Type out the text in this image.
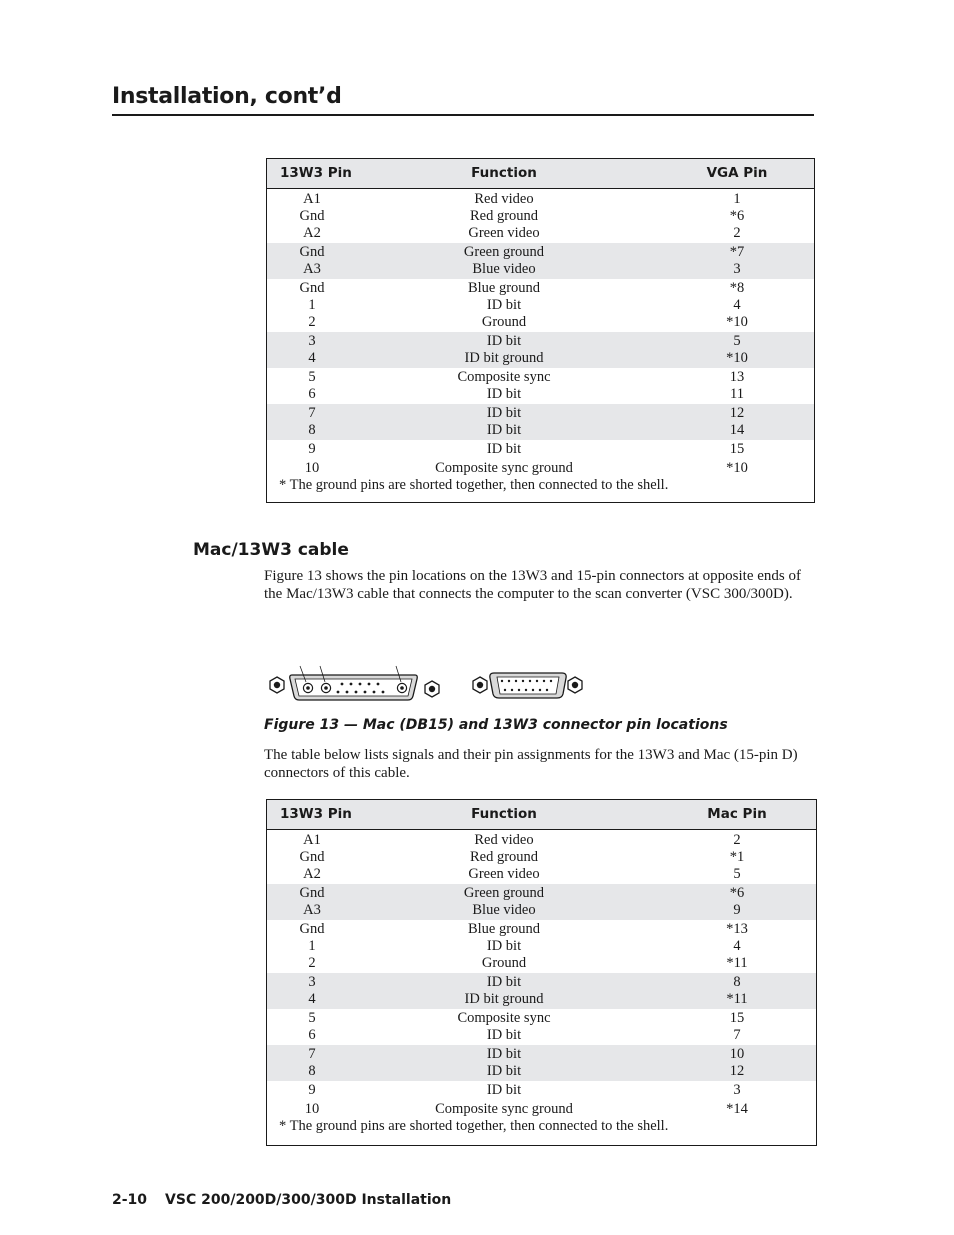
Installation, cont’d
13W3 Pin	Function	VGA Pin
A1	Red video	1
Gnd	Red ground	*6
A2	Green video	2
Gnd	Green ground	*7
A3	Blue video	3
Gnd	Blue ground	*8
1	ID bit	4
2	Ground	*10
3	ID bit	5
4	ID bit ground	*10
5	Composite sync	13
6	ID bit	11
7	ID bit	12
8	ID bit	14
9	ID bit	15
10	Composite sync ground	*10
* The ground pins are shorted together, then connected to the shell.
Mac/13W3 cable

Figure 13 shows the pin locations on the 13W3 and 15-pin connectors at opposite ends of the Mac/13W3 cable that connects the computer to the scan converter (VSC 300/300D).

Figure 13 — Mac (DB15) and 13W3 connector pin locations

The table below lists signals and their pin assignments for the 13W3 and Mac (15-pin D) connectors of this cable.

13W3 Pin	Function	Mac Pin
A1	Red video	2
Gnd	Red ground	*1
A2	Green video	5
Gnd	Green ground	*6
A3	Blue video	9
Gnd	Blue ground	*13
1	ID bit	4
2	Ground	*11
3	ID bit	8
4	ID bit ground	*11
5	Composite sync	15
6	ID bit	7
7	ID bit	10
8	ID bit	12
9	ID bit	3
10	Composite sync ground	*14
* The ground pins are shorted together, then connected to the shell.
2-10 VSC 200/200D/300/300D Installation
